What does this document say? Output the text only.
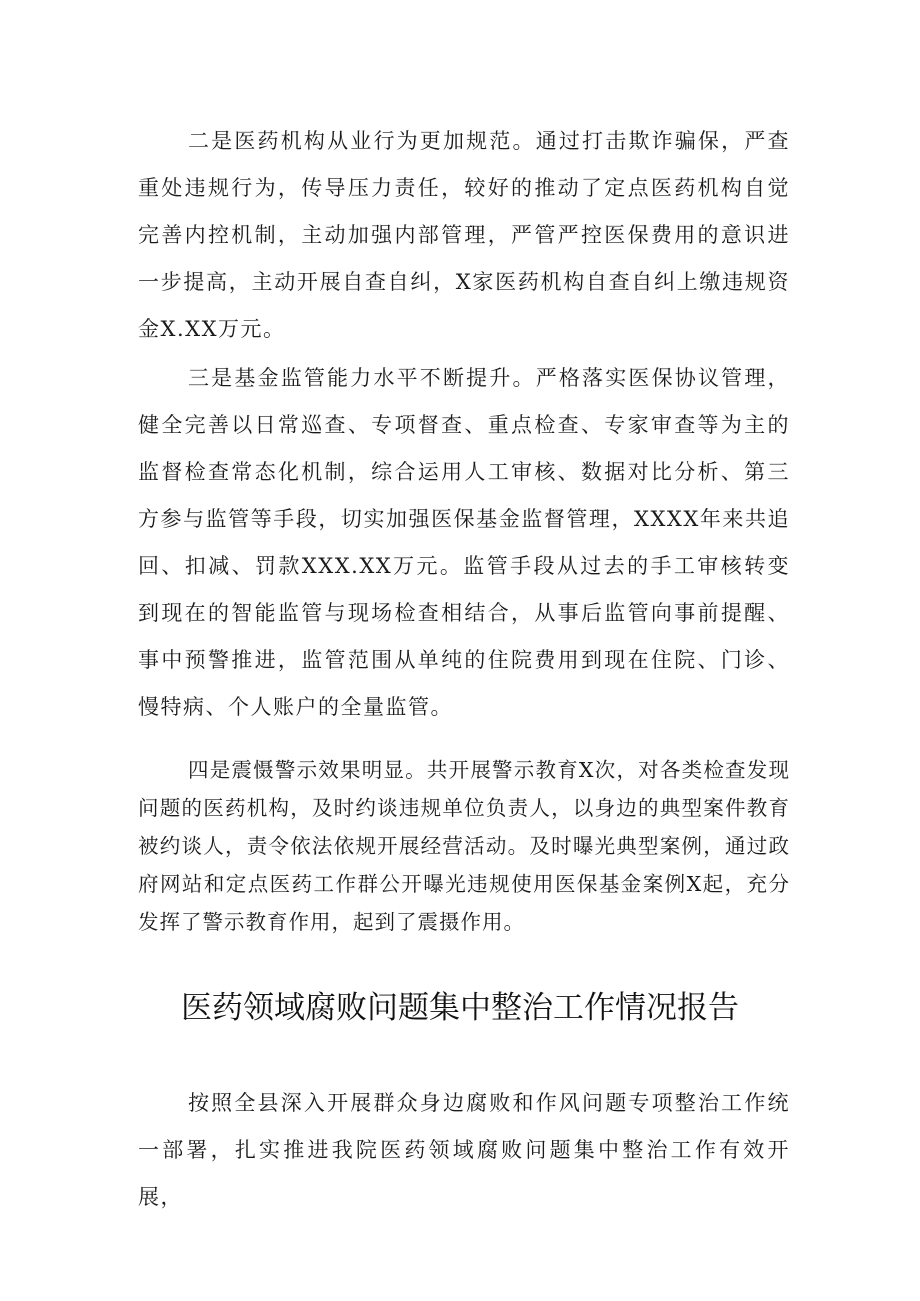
二是医药机构从业行为更加规范。通过打击欺诈骗保，严查重处违规行为，传导压力责任，较好的推动了定点医药机构自觉完善内控机制，主动加强内部管理，严管严控医保费用的意识进一步提高，主动开展自查自纠，X家医药机构自查自纠上缴违规资金X.XX万元。

三是基金监管能力水平不断提升。严格落实医保协议管理，健全完善以日常巡查、专项督查、重点检查、专家审查等为主的监督检查常态化机制，综合运用人工审核、数据对比分析、第三方参与监管等手段，切实加强医保基金监督管理，XXXX年来共追回、扣减、罚款XXX.XX万元。监管手段从过去的手工审核转变到现在的智能监管与现场检查相结合，从事后监管向事前提醒、事中预警推进，监管范围从单纯的住院费用到现在住院、门诊、慢特病、个人账户的全量监管。

四是震慑警示效果明显。共开展警示教育X次，对各类检查发现问题的医药机构，及时约谈违规单位负责人，以身边的典型案件教育被约谈人，责令依法依规开展经营活动。及时曝光典型案例，通过政府网站和定点医药工作群公开曝光违规使用医保基金案例X起，充分发挥了警示教育作用，起到了震摄作用。

医药领域腐败问题集中整治工作情况报告

按照全县深入开展群众身边腐败和作风问题专项整治工作统一部署，扎实推进我院医药领域腐败问题集中整治工作有效开展，
